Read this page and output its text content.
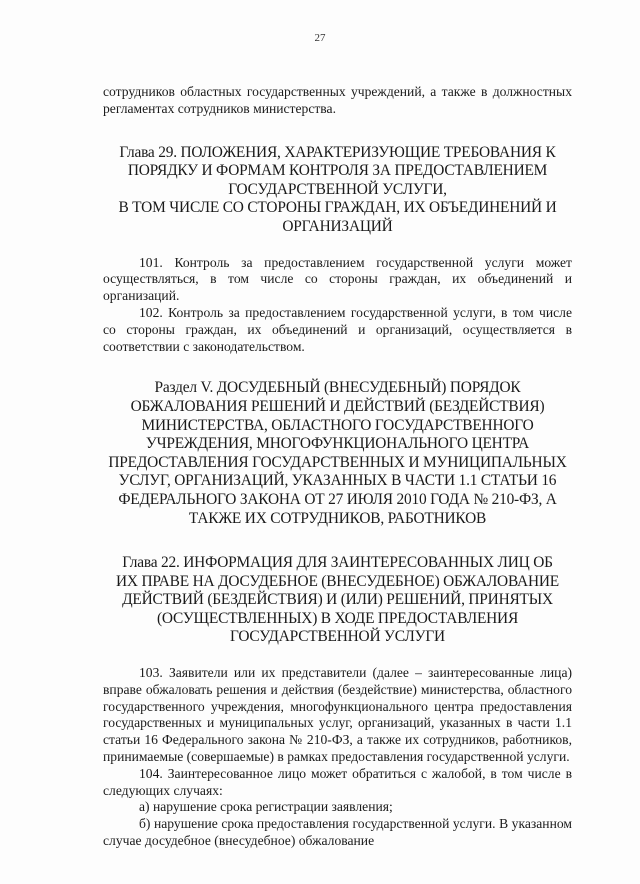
27

сотрудников областных государственных учреждений, а также в должностных регламентах сотрудников министерства.

Глава 29. ПОЛОЖЕНИЯ, ХАРАКТЕРИЗУЮЩИЕ ТРЕБОВАНИЯ К
ПОРЯДКУ И ФОРМАМ КОНТРОЛЯ ЗА ПРЕДОСТАВЛЕНИЕМ
ГОСУДАРСТВЕННОЙ УСЛУГИ,
В ТОМ ЧИСЛЕ СО СТОРОНЫ ГРАЖДАН, ИХ ОБЪЕДИНЕНИЙ И
ОРГАНИЗАЦИЙ

101. Контроль за предоставлением государственной услуги может осуществляться, в том числе со стороны граждан, их объединений и организаций.

102. Контроль за предоставлением государственной услуги, в том числе со стороны граждан, их объединений и организаций, осуществляется в соответствии с законодательством.

Раздел V. ДОСУДЕБНЫЙ (ВНЕСУДЕБНЫЙ) ПОРЯДОК
ОБЖАЛОВАНИЯ РЕШЕНИЙ И ДЕЙСТВИЙ (БЕЗДЕЙСТВИЯ)
МИНИСТЕРСТВА, ОБЛАСТНОГО ГОСУДАРСТВЕННОГО
УЧРЕЖДЕНИЯ, МНОГОФУНКЦИОНАЛЬНОГО ЦЕНТРА
ПРЕДОСТАВЛЕНИЯ ГОСУДАРСТВЕННЫХ И МУНИЦИПАЛЬНЫХ
УСЛУГ, ОРГАНИЗАЦИЙ, УКАЗАННЫХ В ЧАСТИ 1.1 СТАТЬИ 16
ФЕДЕРАЛЬНОГО ЗАКОНА ОТ 27 ИЮЛЯ 2010 ГОДА № 210-ФЗ, А
ТАКЖЕ ИХ СОТРУДНИКОВ, РАБОТНИКОВ
Глава 22. ИНФОРМАЦИЯ ДЛЯ ЗАИНТЕРЕСОВАННЫХ ЛИЦ ОБ
ИХ ПРАВЕ НА ДОСУДЕБНОЕ (ВНЕСУДЕБНОЕ) ОБЖАЛОВАНИЕ
ДЕЙСТВИЙ (БЕЗДЕЙСТВИЯ) И (ИЛИ) РЕШЕНИЙ, ПРИНЯТЫХ
(ОСУЩЕСТВЛЕННЫХ) В ХОДЕ ПРЕДОСТАВЛЕНИЯ
ГОСУДАРСТВЕННОЙ УСЛУГИ

103. Заявители или их представители (далее – заинтересованные лица) вправе обжаловать решения и действия (бездействие) министерства, областного государственного учреждения, многофункционального центра предоставления государственных и муниципальных услуг, организаций, указанных в части 1.1 статьи 16 Федерального закона № 210-ФЗ, а также их сотрудников, работников, принимаемые (совершаемые) в рамках предоставления государственной услуги.

104. Заинтересованное лицо может обратиться с жалобой, в том числе в следующих случаях:

а) нарушение срока регистрации заявления;

б) нарушение срока предоставления государственной услуги. В указанном случае досудебное (внесудебное) обжалование
